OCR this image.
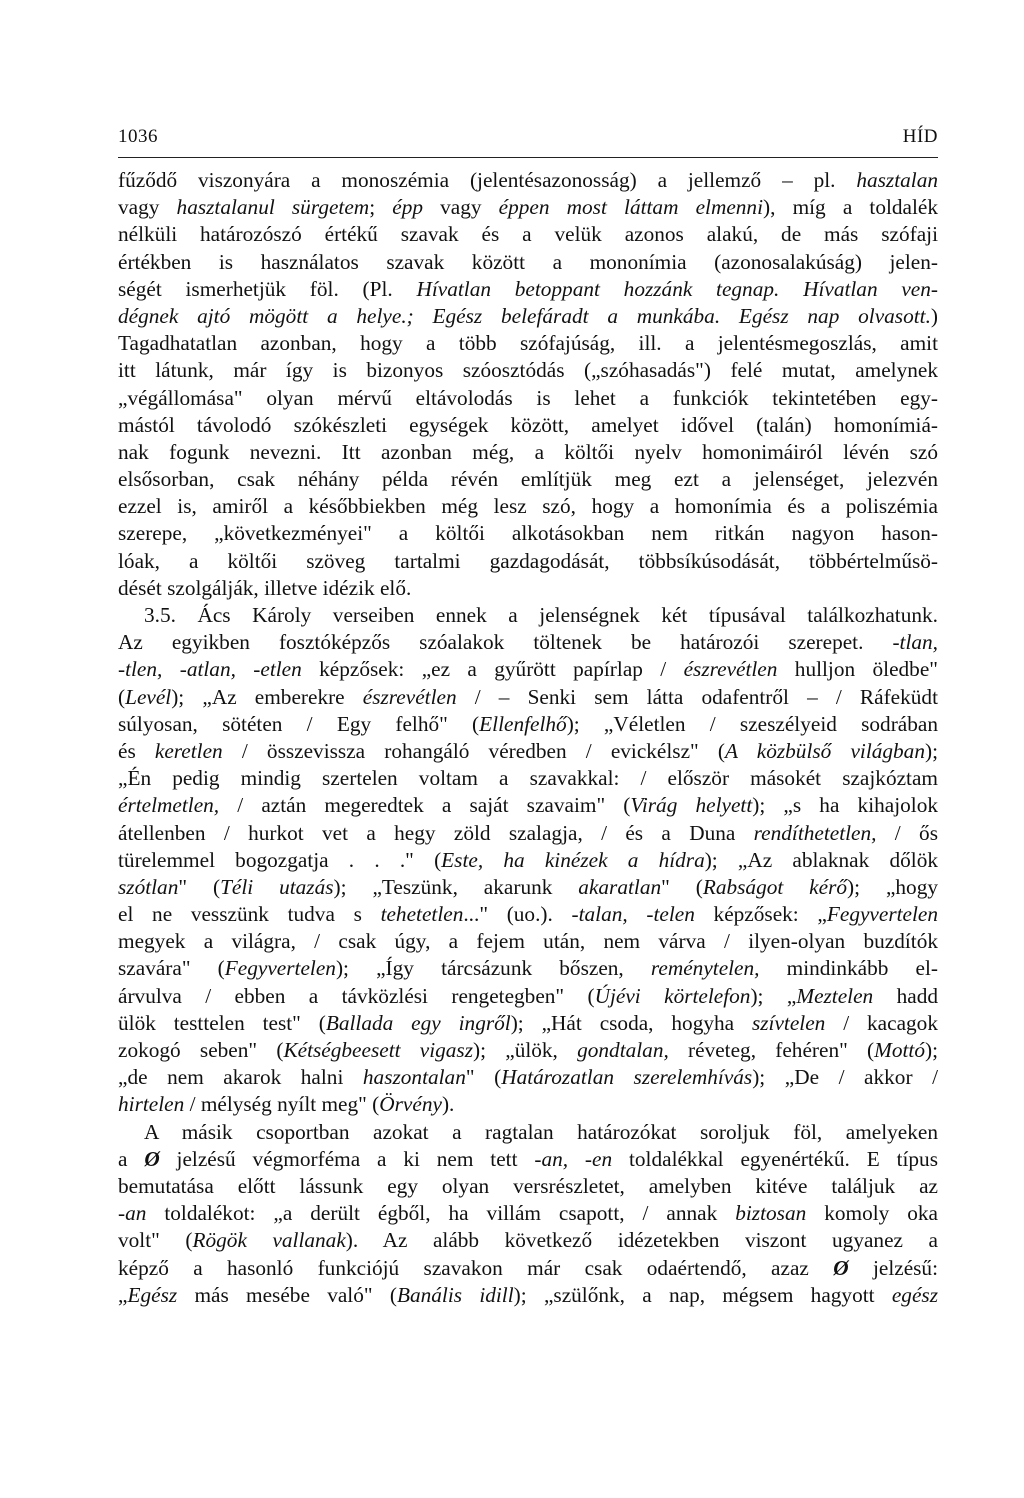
1036	HÍD
fűződő viszonyára a monoszémia (jelentésazonosság) a jellemző – pl. hasztalan
vagy hasztalanul sürgetem; épp vagy éppen most láttam elmenni), míg a toldalék
nélküli határozószó értékű szavak és a velük azonos alakú, de más szófaji
értékben is használatos szavak között a mononímia (azonosalakúság) jelen-
ségét ismerhetjük föl. (Pl. Hívatlan betoppant hozzánk tegnap. Hívatlan ven-
dégnek ajtó mögött a helye.; Egész belefáradt a munkába. Egész nap olvasott.)
Tagadhatatlan azonban, hogy a több szófajúság, ill. a jelentésmegoszlás, amit
itt látunk, már így is bizonyos szóosztódás („szóhasadás") felé mutat, amelynek
„végállomása" olyan mérvű eltávolodás is lehet a funkciók tekintetében egy-
mástól távolodó szókészleti egységek között, amelyet idővel (talán) homonímiá-
nak fogunk nevezni. Itt azonban még, a költői nyelv homonimáiról lévén szó
elsősorban, csak néhány példa révén említjük meg ezt a jelenséget, jelezvén
ezzel is, amiről a későbbiekben még lesz szó, hogy a homonímia és a poliszémia
szerepe, „következményei" a költői alkotásokban nem ritkán nagyon hason-
lóak, a költői szöveg tartalmi gazdagodását, többsíkúsodását, többértelműsö-
dését szolgálják, illetve idézik elő.
3.5. Ács Károly verseiben ennek a jelenségnek két típusával találkozhatunk.
Az egyikben fosztóképzős szóalakok töltenek be határozói szerepet. -tlan,
-tlen, -atlan, -etlen képzősek: „ez a gyűrött papírlap / észrevétlen hulljon öledbe"
(Levél); „Az emberekre észrevétlen / – Senki sem látta odafentről – / Ráfeküdt
súlyosan, sötéten / Egy felhő" (Ellenfelhő); „Véletlen / szeszélyeid sodrában
és keretlen / összevissza rohangáló véredben / evickélsz" (A közbülső világban);
„Én pedig mindig szertelen voltam a szavakkal: / először másokét szajkóztam
értelmetlen, / aztán megeredtek a saját szavaim" (Virág helyett); „s ha kihajolok
átellenben / hurkot vet a hegy zöld szalagja, / és a Duna rendíthetetlen, / ős
türelemmel bogozgatja . . ." (Este, ha kinézek a hídra); „Az ablaknak dőlök
szótlan" (Téli utazás); „Teszünk, akarunk akaratlan" (Rabságot kérő); „hogy
el ne vesszünk tudva s tehetetlen..." (uo.). -talan, -telen képzősek: „Fegyvertelen
megyek a világra, / csak úgy, a fejem után, nem várva / ilyen-olyan buzdítók
szavára" (Fegyvertelen); „Így tárcsázunk bőszen, reménytelen, mindinkább el-
árvulva / ebben a távközlési rengetegben" (Újévi körtelefon); „Meztelen hadd
ülök testtelen test" (Ballada egy ingről); „Hát csoda, hogyha szívtelen / kacagok
zokogó seben" (Kétségbeesett vigasz); „ülök, gondtalan, réveteg, fehéren" (Mottó);
„de nem akarok halni haszontalan" (Határozatlan szerelemhívás); „De / akkor /
hirtelen / mélység nyílt meg" (Örvény).
A másik csoportban azokat a ragtalan határozókat soroljuk föl, amelyeken
a Ø jelzésű végmorféma a ki nem tett -an, -en toldalékkal egyenértékű. E típus
bemutatása előtt lássunk egy olyan versrészletet, amelyben kitéve találjuk az
-an toldalékot: „a derült égből, ha villám csapott, / annak biztosan komoly oka
volt" (Rögök vallanak). Az alább következő idézetekben viszont ugyanez a
képző a hasonló funkciójú szavakon már csak odaértendő, azaz Ø jelzésű:
„Egész más mesébe való" (Banális idill); „szülőnk, a nap, mégsem hagyott egész
